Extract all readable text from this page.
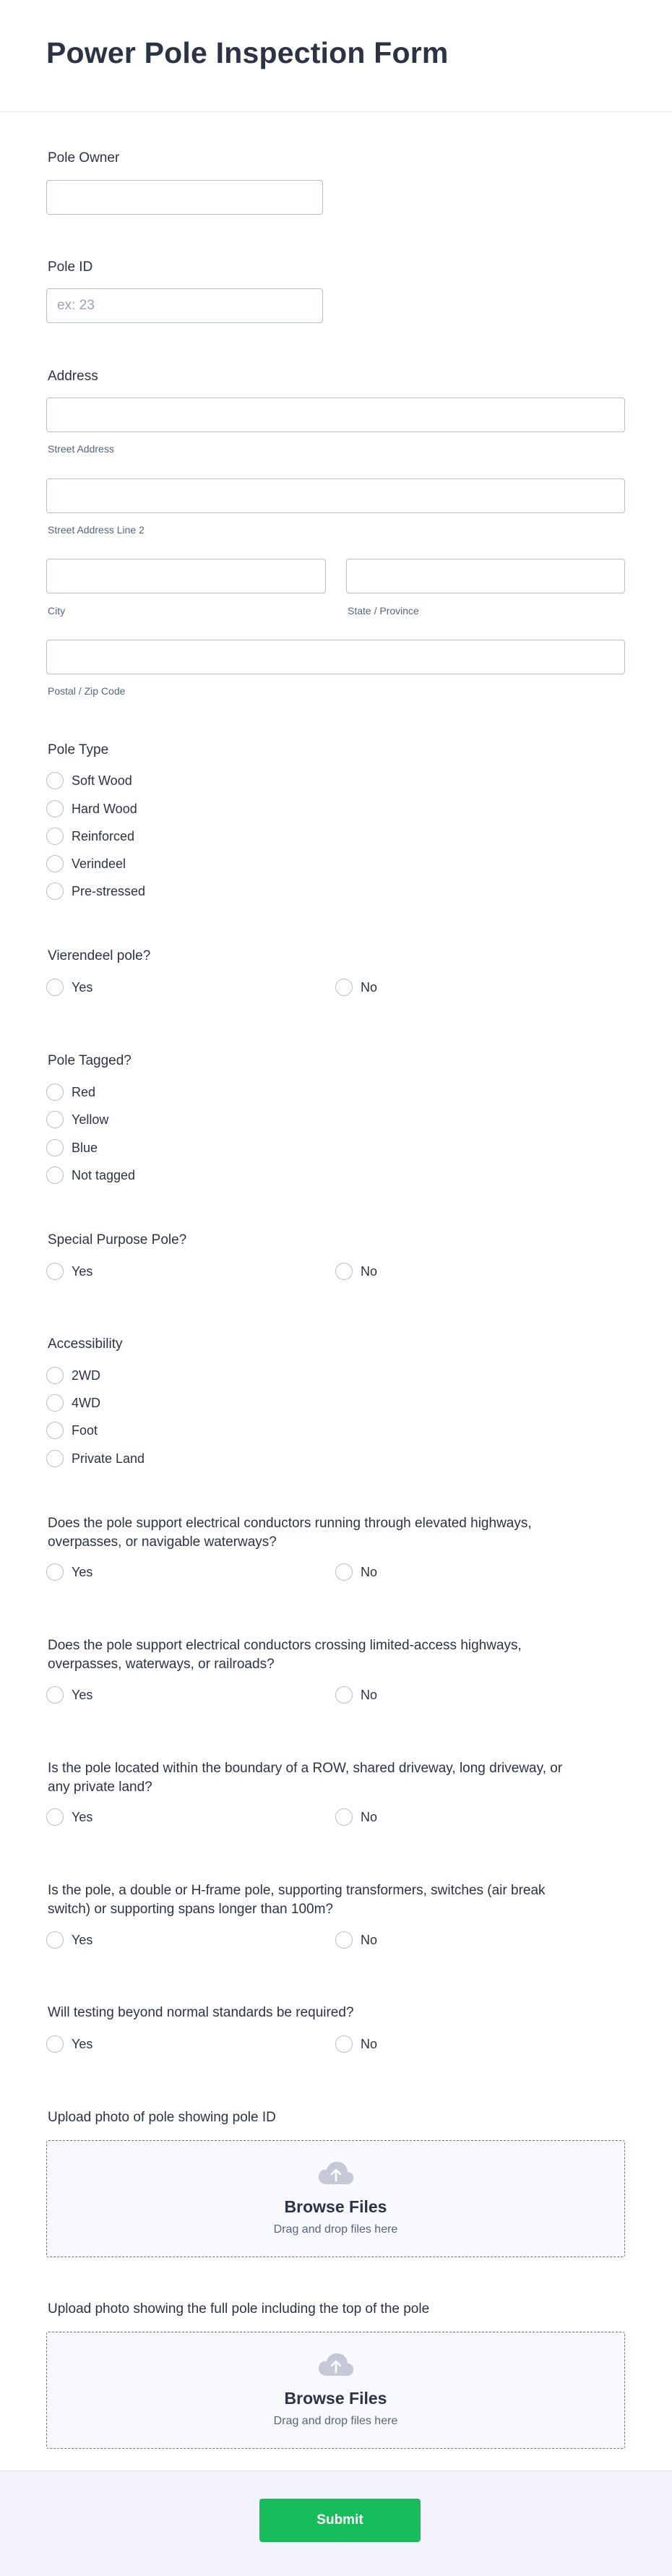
Power Pole Inspection Form
Pole Owner
Pole ID
ex: 23
Address
Street Address
Street Address Line 2
City	State / Province
Postal / Zip Code
Pole Type
Soft Wood
Hard Wood
Reinforced
Verindeel
Pre-stressed
Vierendeel pole?
Yes	No
Pole Tagged?
Red
Yellow
Blue
Not tagged
Special Purpose Pole?
Yes	No
Accessibility
2WD
4WD
Foot
Private Land
Does the pole support electrical conductors running through elevated highways,
overpasses, or navigable waterways?
Yes	No
Does the pole support electrical conductors crossing limited-access highways,
overpasses, waterways, or railroads?
Yes	No
Is the pole located within the boundary of a ROW, shared driveway, long driveway, or
any private land?
Yes	No
Is the pole, a double or H-frame pole, supporting transformers, switches (air break
switch) or supporting spans longer than 100m?
Yes	No
Will testing beyond normal standards be required?
Yes	No
Upload photo of pole showing pole ID
Browse Files
Drag and drop files here
Upload photo showing the full pole including the top of the pole
Browse Files
Drag and drop files here
Submit
